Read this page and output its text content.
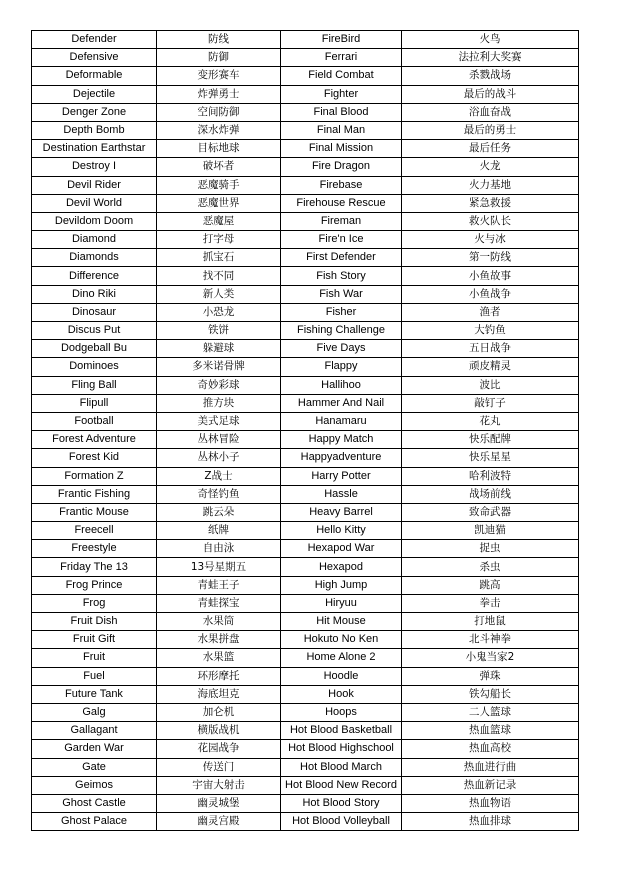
Defender	防线	FireBird	火鸟
Defensive	防御	Ferrari	法拉利大奖赛
Deformable	变形赛车	Field Combat	杀戮战场
Dejectile	炸弹勇士	Fighter	最后的战斗
Denger Zone	空间防御	Final Blood	浴血奋战
Depth Bomb	深水炸弹	Final Man	最后的勇士
Destination Earthstar	目标地球	Final Mission	最后任务
Destroy I	破坏者	Fire Dragon	火龙
Devil Rider	恶魔骑手	Firebase	火力基地
Devil World	恶魔世界	Firehouse Rescue	紧急救援
Devildom Doom	恶魔屋	Fireman	救火队长
Diamond	打字母	Fire'n Ice	火与冰
Diamonds	抓宝石	First Defender	第一防线
Difference	找不同	Fish Story	小鱼故事
Dino Riki	新人类	Fish War	小鱼战争
Dinosaur	小恐龙	Fisher	渔者
Discus Put	铁饼	Fishing Challenge	大钓鱼
Dodgeball Bu	躲避球	Five Days	五日战争
Dominoes	多米诺骨牌	Flappy	顽皮精灵
Fling Ball	奇妙彩球	Hallihoo	波比
Flipull	推方块	Hammer And Nail	敲钉子
Football	美式足球	Hanamaru	花丸
Forest Adventure	丛林冒险	Happy Match	快乐配牌
Forest Kid	丛林小子	Happyadventure	快乐星星
Formation Z	Z战士	Harry Potter	哈利波特
Frantic Fishing	奇怪钓鱼	Hassle	战场前线
Frantic Mouse	跳云朵	Heavy Barrel	致命武器
Freecell	纸牌	Hello Kitty	凯迪猫
Freestyle	自由泳	Hexapod War	捉虫
Friday The 13	13号星期五	Hexapod	杀虫
Frog Prince	青蛙王子	High Jump	跳高
Frog	青蛙探宝	Hiryuu	拳击
Fruit Dish	水果筒	Hit Mouse	打地鼠
Fruit Gift	水果拼盘	Hokuto No Ken	北斗神拳
Fruit	水果篮	Home Alone 2	小鬼当家2
Fuel	环形摩托	Hoodle	弹珠
Future Tank	海底坦克	Hook	铁勾船长
Galg	加仑机	Hoops	二人篮球
Gallagant	横版战机	Hot Blood Basketball	热血篮球
Garden War	花园战争	Hot Blood Highschool	热血高校
Gate	传送门	Hot Blood March	热血进行曲
Geimos	宇宙大射击	Hot Blood New Record	热血新记录
Ghost Castle	幽灵城堡	Hot Blood Story	热血物语
Ghost Palace	幽灵宫殿	Hot Blood Volleyball	热血排球
